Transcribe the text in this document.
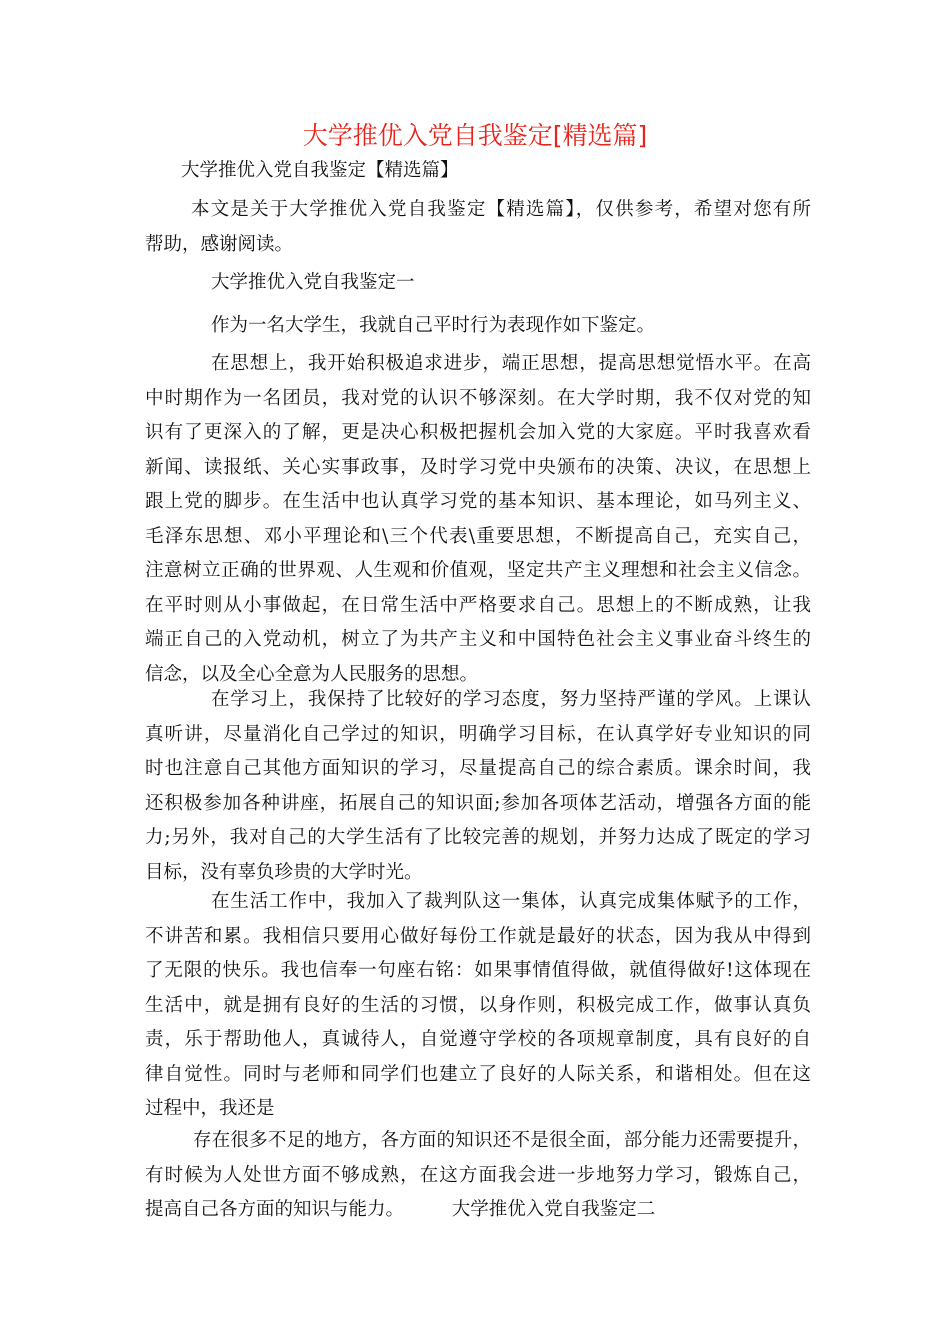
大学推优入党自我鉴定[精选篇]
大学推优入党自我鉴定【精选篇】
本文是关于大学推优入党自我鉴定【精选篇】，仅供参考，希望对您有所
帮助，感谢阅读。
大学推优入党自我鉴定一
作为一名大学生，我就自己平时行为表现作如下鉴定。
在思想上，我开始积极追求进步，端正思想，提高思想觉悟水平。在高
中时期作为一名团员，我对党的认识不够深刻。在大学时期，我不仅对党的知
识有了更深入的了解，更是决心积极把握机会加入党的大家庭。平时我喜欢看
新闻、读报纸、关心实事政事，及时学习党中央颁布的决策、决议，在思想上
跟上党的脚步。在生活中也认真学习党的基本知识、基本理论，如马列主义、
毛泽东思想、邓小平理论和\三个代表\重要思想，不断提高自己，充实自己，
注意树立正确的世界观、人生观和价值观，坚定共产主义理想和社会主义信念。
在平时则从小事做起，在日常生活中严格要求自己。思想上的不断成熟，让我
端正自己的入党动机，树立了为共产主义和中国特色社会主义事业奋斗终生的
信念，以及全心全意为人民服务的思想。
在学习上，我保持了比较好的学习态度，努力坚持严谨的学风。上课认
真听讲，尽量消化自己学过的知识，明确学习目标，在认真学好专业知识的同
时也注意自己其他方面知识的学习，尽量提高自己的综合素质。课余时间，我
还积极参加各种讲座，拓展自己的知识面;参加各项体艺活动，增强各方面的能
力;另外，我对自己的大学生活有了比较完善的规划，并努力达成了既定的学习
目标，没有辜负珍贵的大学时光。
在生活工作中，我加入了裁判队这一集体，认真完成集体赋予的工作，
不讲苦和累。我相信只要用心做好每份工作就是最好的状态，因为我从中得到
了无限的快乐。我也信奉一句座右铭：如果事情值得做，就值得做好!这体现在
生活中，就是拥有良好的生活的习惯，以身作则，积极完成工作，做事认真负
责，乐于帮助他人，真诚待人，自觉遵守学校的各项规章制度，具有良好的自
律自觉性。同时与老师和同学们也建立了良好的人际关系，和谐相处。但在这
过程中，我还是
存在很多不足的地方，各方面的知识还不是很全面，部分能力还需要提升，
有时候为人处世方面不够成熟，在这方面我会进一步地努力学习，锻炼自己，
提高自己各方面的知识与能力。	大学推优入党自我鉴定二
